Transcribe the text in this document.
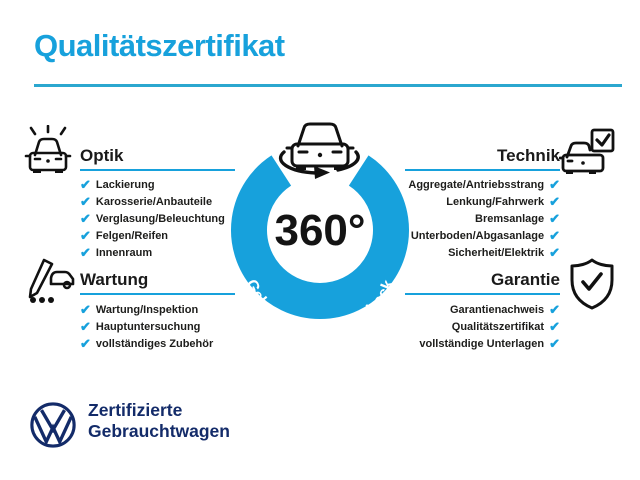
Qualitätszertifikat
Optik	Technik
Wartung	Garantie
✔ Lackierung
✔ Karosserie/Anbauteile
✔ Verglasung/Beleuchtung
✔ Felgen/Reifen
✔ Innenraum
Aggregate/Antriebsstrang ✔
Lenkung/Fahrwerk ✔
Bremsanlage ✔
Unterboden/Abgasanlage ✔
Sicherheit/Elektrik ✔
✔ Wartung/Inspektion
✔ Hauptuntersuchung
✔ vollständiges Zubehör
Garantienachweis ✔
Qualitätszertifikat ✔
vollständige Unterlagen ✔
Gebrauchtwagen-Check
360°
Zertifizierte
Gebrauchtwagen
